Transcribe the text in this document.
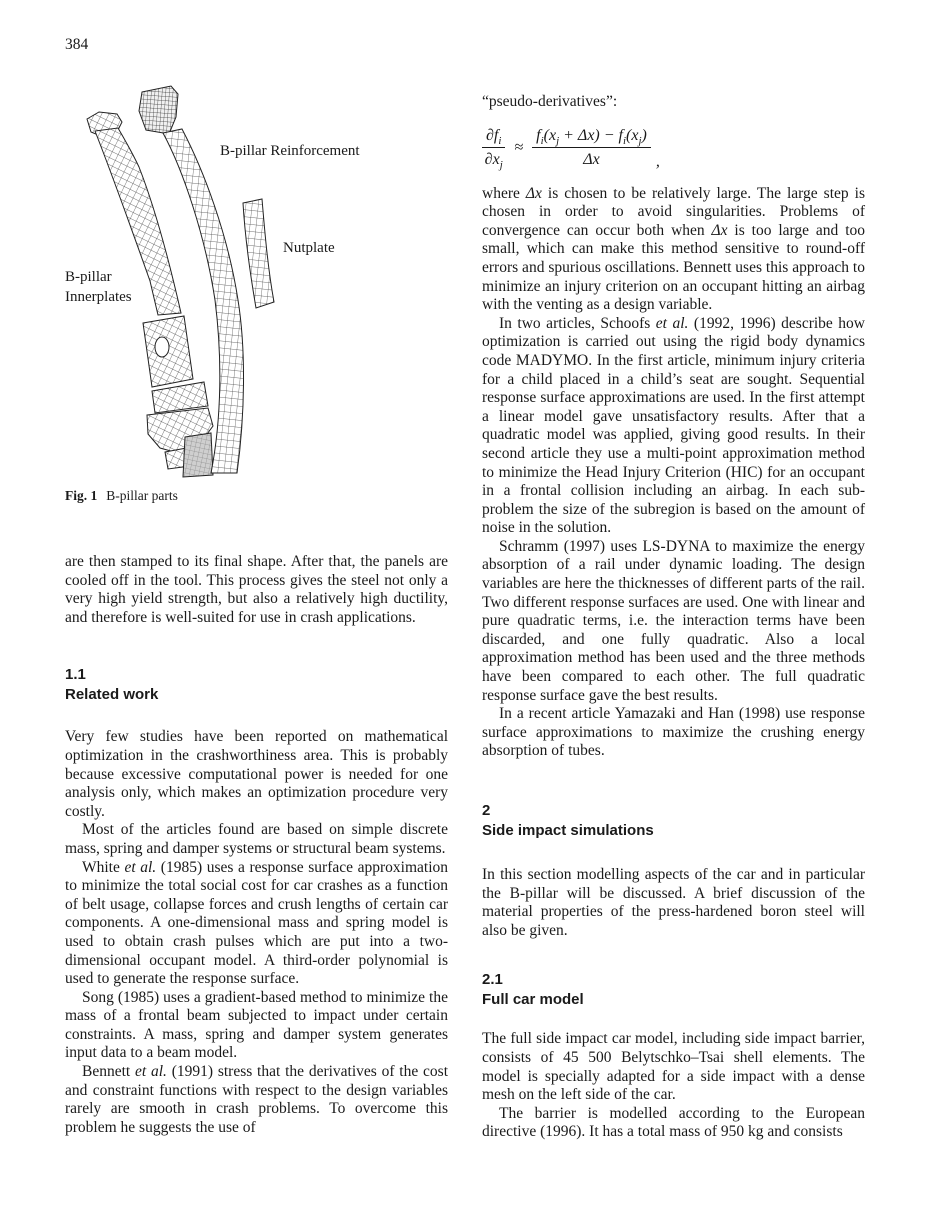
384
B-pillar Reinforcement
Nutplate
B-pillar
Innerplates
Fig. 1 B-pillar parts

are then stamped to its final shape. After that, the panels are cooled off in the tool. This process gives the steel not only a very high yield strength, but also a relatively high ductility, and therefore is well-suited for use in crash applications.

1.1
Related work

Very few studies have been reported on mathematical optimization in the crashworthiness area. This is probably because excessive computational power is needed for one analysis only, which makes an optimization procedure very costly.

Most of the articles found are based on simple discrete mass, spring and damper systems or structural beam systems.

White et al. (1985) uses a response surface approximation to minimize the total social cost for car crashes as a function of belt usage, collapse forces and crush lengths of certain car components. A one-dimensional mass and spring model is used to obtain crash pulses which are put into a two-dimensional occupant model. A third-order polynomial is used to generate the response surface.

Song (1985) uses a gradient-based method to minimize the mass of a frontal beam subjected to impact under certain constraints. A mass, spring and damper system generates input data to a beam model.

Bennett et al. (1991) stress that the derivatives of the cost and constraint functions with respect to the design variables rarely are smooth in crash problems. To overcome this problem he suggests the use of

“pseudo-derivatives”:

$\frac{\partial f_i}{\partial x_j} \approx \frac{f_i(x_j + \Delta x) - f_i(x_j)}{\Delta x}$ ,

where Δx is chosen to be relatively large. The large step is chosen in order to avoid singularities. Problems of convergence can occur both when Δx is too large and too small, which can make this method sensitive to round-off errors and spurious oscillations. Bennett uses this approach to minimize an injury criterion on an occupant hitting an airbag with the venting as a design variable.

In two articles, Schoofs et al. (1992, 1996) describe how optimization is carried out using the rigid body dynamics code MADYMO. In the first article, minimum injury criteria for a child placed in a child’s seat are sought. Sequential response surface approximations are used. In the first attempt a linear model gave unsatisfactory results. After that a quadratic model was applied, giving good results. In their second article they use a multi-point approximation method to minimize the Head Injury Criterion (HIC) for an occupant in a frontal collision including an airbag. In each sub-problem the size of the subregion is based on the amount of noise in the solution.

Schramm (1997) uses LS-DYNA to maximize the energy absorption of a rail under dynamic loading. The design variables are here the thicknesses of different parts of the rail. Two different response surfaces are used. One with linear and pure quadratic terms, i.e. the interaction terms have been discarded, and one fully quadratic. Also a local approximation method has been used and the three methods have been compared to each other. The full quadratic response surface gave the best results.

In a recent article Yamazaki and Han (1998) use response surface approximations to maximize the crushing energy absorption of tubes.

2
Side impact simulations

In this section modelling aspects of the car and in particular the B-pillar will be discussed. A brief discussion of the material properties of the press-hardened boron steel will also be given.

2.1
Full car model

The full side impact car model, including side impact barrier, consists of 45 500 Belytschko–Tsai shell elements. The model is specially adapted for a side impact with a dense mesh on the left side of the car.

The barrier is modelled according to the European directive (1996). It has a total mass of 950 kg and consists
